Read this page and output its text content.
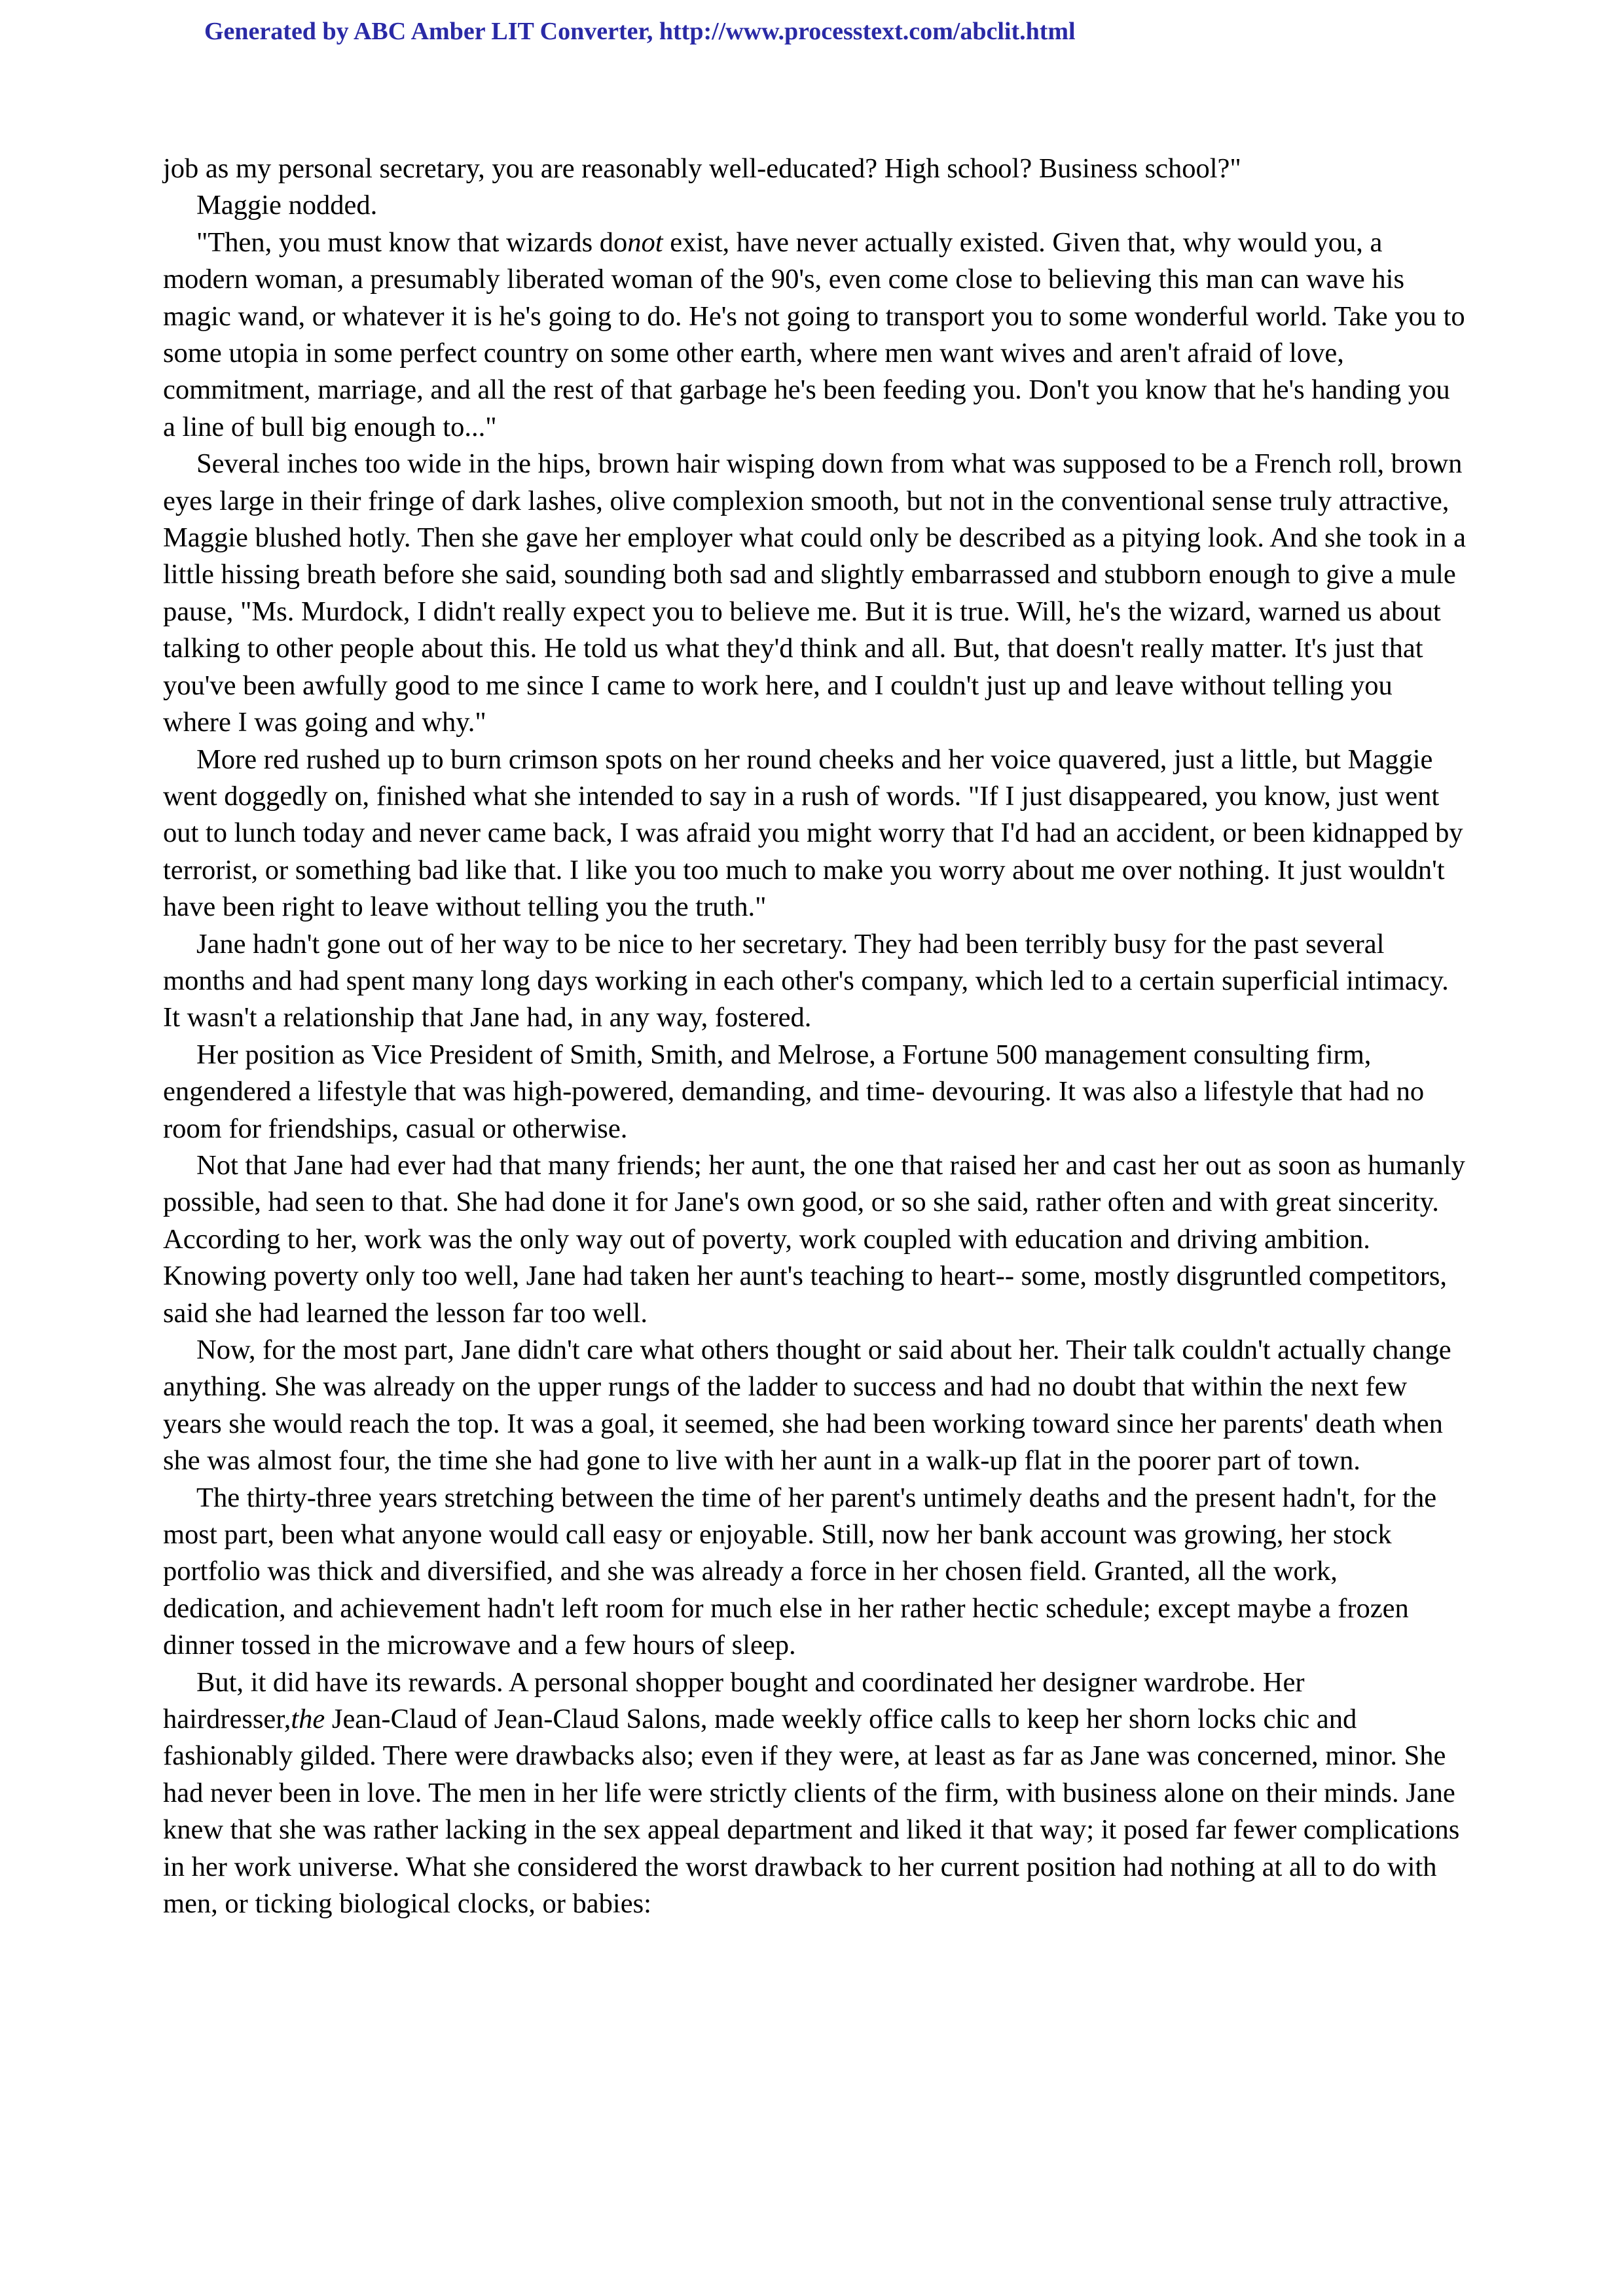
Generated by ABC Amber LIT Converter, http://www.processtext.com/abclit.html

job as my personal secretary, you are reasonably well-educated? High school? Business school?"

Maggie nodded.

"Then, you must know that wizards donot exist, have never actually existed. Given that, why would you, a modern woman, a presumably liberated woman of the 90's, even come close to believing this man can wave his magic wand, or whatever it is he's going to do. He's not going to transport you to some wonderful world. Take you to some utopia in some perfect country on some other earth, where men want wives and aren't afraid of love, commitment, marriage, and all the rest of that garbage he's been feeding you. Don't you know that he's handing you a line of bull big enough to..."

Several inches too wide in the hips, brown hair wisping down from what was supposed to be a French roll, brown eyes large in their fringe of dark lashes, olive complexion smooth, but not in the conventional sense truly attractive, Maggie blushed hotly. Then she gave her employer what could only be described as a pitying look. And she took in a little hissing breath before she said, sounding both sad and slightly embarrassed and stubborn enough to give a mule pause, "Ms. Murdock, I didn't really expect you to believe me. But it is true. Will, he's the wizard, warned us about talking to other people about this. He told us what they'd think and all. But, that doesn't really matter. It's just that you've been awfully good to me since I came to work here, and I couldn't just up and leave without telling you where I was going and why."

More red rushed up to burn crimson spots on her round cheeks and her voice quavered, just a little, but Maggie went doggedly on, finished what she intended to say in a rush of words. "If I just disappeared, you know, just went out to lunch today and never came back, I was afraid you might worry that I'd had an accident, or been kidnapped by terrorist, or something bad like that. I like you too much to make you worry about me over nothing. It just wouldn't have been right to leave without telling you the truth."

Jane hadn't gone out of her way to be nice to her secretary. They had been terribly busy for the past several months and had spent many long days working in each other's company, which led to a certain superficial intimacy. It wasn't a relationship that Jane had, in any way, fostered.

Her position as Vice President of Smith, Smith, and Melrose, a Fortune 500 management consulting firm, engendered a lifestyle that was high-powered, demanding, and time- devouring. It was also a lifestyle that had no room for friendships, casual or otherwise.

Not that Jane had ever had that many friends; her aunt, the one that raised her and cast her out as soon as humanly possible, had seen to that. She had done it for Jane's own good, or so she said, rather often and with great sincerity. According to her, work was the only way out of poverty, work coupled with education and driving ambition. Knowing poverty only too well, Jane had taken her aunt's teaching to heart-- some, mostly disgruntled competitors, said she had learned the lesson far too well.

Now, for the most part, Jane didn't care what others thought or said about her. Their talk couldn't actually change anything. She was already on the upper rungs of the ladder to success and had no doubt that within the next few years she would reach the top. It was a goal, it seemed, she had been working toward since her parents' death when she was almost four, the time she had gone to live with her aunt in a walk-up flat in the poorer part of town.

The thirty-three years stretching between the time of her parent's untimely deaths and the present hadn't, for the most part, been what anyone would call easy or enjoyable. Still, now her bank account was growing, her stock portfolio was thick and diversified, and she was already a force in her chosen field. Granted, all the work, dedication, and achievement hadn't left room for much else in her rather hectic schedule; except maybe a frozen dinner tossed in the microwave and a few hours of sleep.

But, it did have its rewards. A personal shopper bought and coordinated her designer wardrobe. Her hairdresser,the Jean-Claud of Jean-Claud Salons, made weekly office calls to keep her shorn locks chic and fashionably gilded. There were drawbacks also; even if they were, at least as far as Jane was concerned, minor. She had never been in love. The men in her life were strictly clients of the firm, with business alone on their minds. Jane knew that she was rather lacking in the sex appeal department and liked it that way; it posed far fewer complications in her work universe. What she considered the worst drawback to her current position had nothing at all to do with men, or ticking biological clocks, or babies:
